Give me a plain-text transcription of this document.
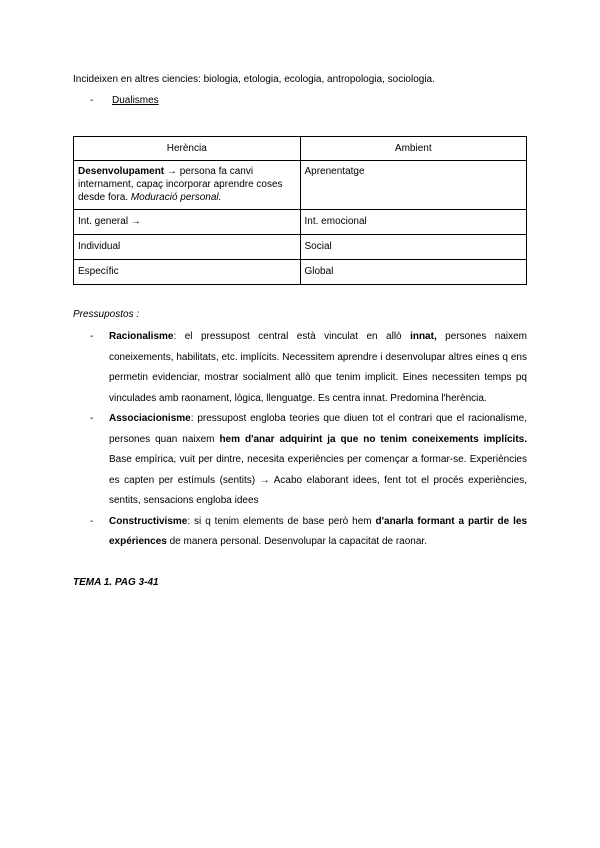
Incideixen en altres ciencies: biologia, etologia, ecologia, antropologia, sociologia.
- Dualismes
Herència	Ambient
Desenvolupament → persona fa canvi internament, capaç incorporar aprendre coses desde fora. Moduració personal.	Aprenentatge
Int. general →	Int. emocional
Individual	Social
Específic	Global
Pressupostos :
- Racionalisme: el pressupost central està vinculat en allò innat, persones naixem coneixements, habilitats, etc. implícits. Necessitem aprendre i desenvolupar altres eines q ens permetin evidenciar, mostrar socialment allò que tenim implicit. Eines necessiten temps pq vinculades amb raonament, lògica, llenguatge. Es centra innat. Predomina l'herència.
- Associacionisme: pressupost engloba teories que diuen tot el contrari que el racionalisme, persones quan naixem hem d'anar adquirint ja que no tenim coneixements implícits. Base empírica, vuit per dintre, necesita experiències per començar a formar-se. Experiències es capten per estímuls (sentits) → Acabo elaborant idees, fent tot el procés experiències, sentits, sensacions engloba idees
- Constructivisme: si q tenim elements de base però hem d'anarla formant a partir de les expériences de manera personal. Desenvolupar la capacitat de raonar.
TEMA 1. PAG 3-41
